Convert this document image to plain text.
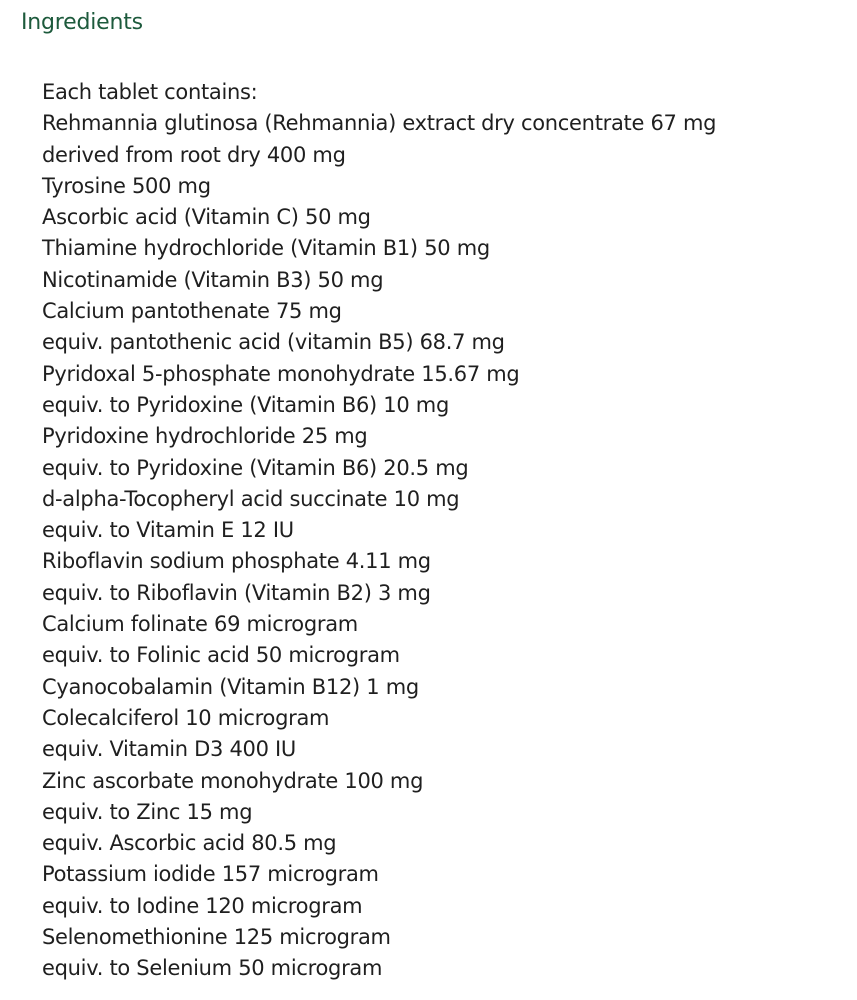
Ingredients
Each tablet contains:
Rehmannia glutinosa (Rehmannia) extract dry concentrate 67 mg
derived from root dry 400 mg
Tyrosine 500 mg
Ascorbic acid (Vitamin C) 50 mg
Thiamine hydrochloride (Vitamin B1) 50 mg
Nicotinamide (Vitamin B3) 50 mg
Calcium pantothenate 75 mg
equiv. pantothenic acid (vitamin B5) 68.7 mg
Pyridoxal 5-phosphate monohydrate 15.67 mg
equiv. to Pyridoxine (Vitamin B6) 10 mg
Pyridoxine hydrochloride 25 mg
equiv. to Pyridoxine (Vitamin B6) 20.5 mg
d-alpha-Tocopheryl acid succinate 10 mg
equiv. to Vitamin E 12 IU
Riboflavin sodium phosphate 4.11 mg
equiv. to Riboflavin (Vitamin B2) 3 mg
Calcium folinate 69 microgram
equiv. to Folinic acid 50 microgram
Cyanocobalamin (Vitamin B12) 1 mg
Colecalciferol 10 microgram
equiv. Vitamin D3 400 IU
Zinc ascorbate monohydrate 100 mg
equiv. to Zinc 15 mg
equiv. Ascorbic acid 80.5 mg
Potassium iodide 157 microgram
equiv. to Iodine 120 microgram
Selenomethionine 125 microgram
equiv. to Selenium 50 microgram
